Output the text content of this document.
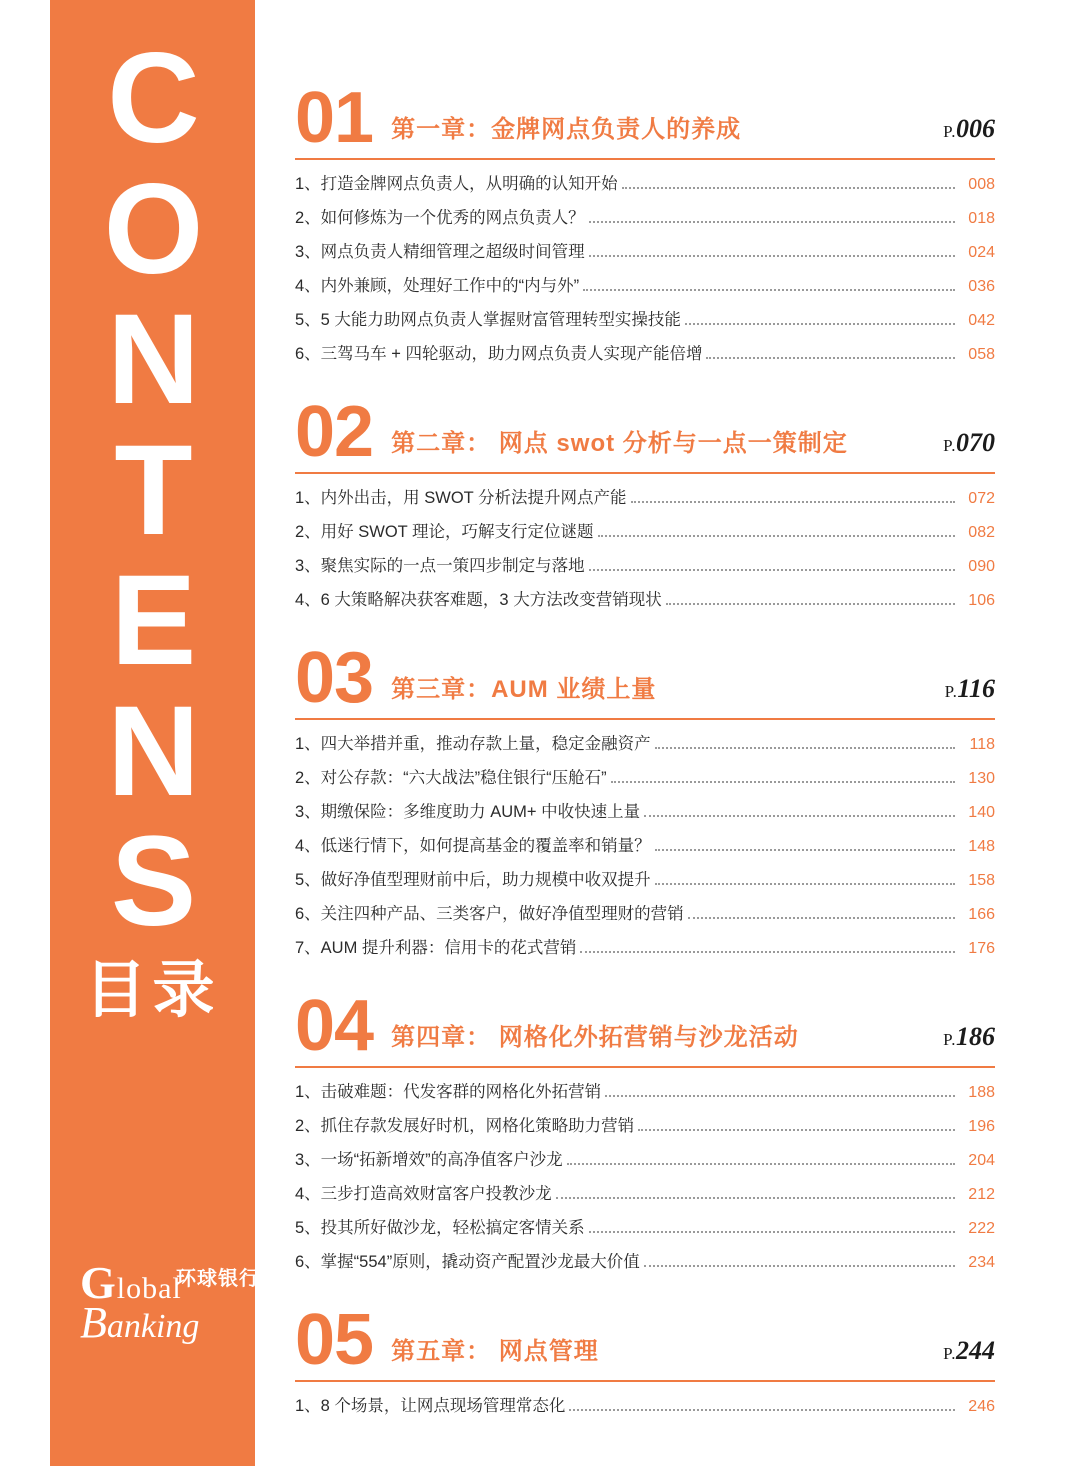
C
O
N
T
E
N
S
目录
环球银行
Global
Banking
01 第一章：金牌网点负责人的养成	P.006
1、打造金牌网点负责人，从明确的认知开始	008
2、如何修炼为一个优秀的网点负责人？	018
3、网点负责人精细管理之超级时间管理	024
4、内外兼顾，处理好工作中的“内与外”	036
5、5 大能力助网点负责人掌握财富管理转型实操技能	042
6、三驾马车 + 四轮驱动，助力网点负责人实现产能倍增	058
02 第二章： 网点 swot 分析与一点一策制定	P.070
1、内外出击，用 SWOT 分析法提升网点产能	072
2、用好 SWOT 理论，巧解支行定位谜题	082
3、聚焦实际的一点一策四步制定与落地	090
4、6 大策略解决获客难题，3 大方法改变营销现状	106
03 第三章：AUM 业绩上量	P.116
1、四大举措并重，推动存款上量，稳定金融资产	118
2、对公存款：“六大战法”稳住银行“压舱石”	130
3、期缴保险：多维度助力 AUM+ 中收快速上量	140
4、低迷行情下，如何提高基金的覆盖率和销量？	148
5、做好净值型理财前中后，助力规模中收双提升	158
6、关注四种产品、三类客户，做好净值型理财的营销	166
7、AUM 提升利器：信用卡的花式营销	176
04 第四章： 网格化外拓营销与沙龙活动	P.186
1、击破难题：代发客群的网格化外拓营销	188
2、抓住存款发展好时机，网格化策略助力营销	196
3、一场“拓新增效”的高净值客户沙龙	204
4、三步打造高效财富客户投教沙龙	212
5、投其所好做沙龙，轻松搞定客情关系	222
6、掌握“554”原则，撬动资产配置沙龙最大价值	234
05 第五章： 网点管理	P.244
1、8 个场景，让网点现场管理常态化	246
